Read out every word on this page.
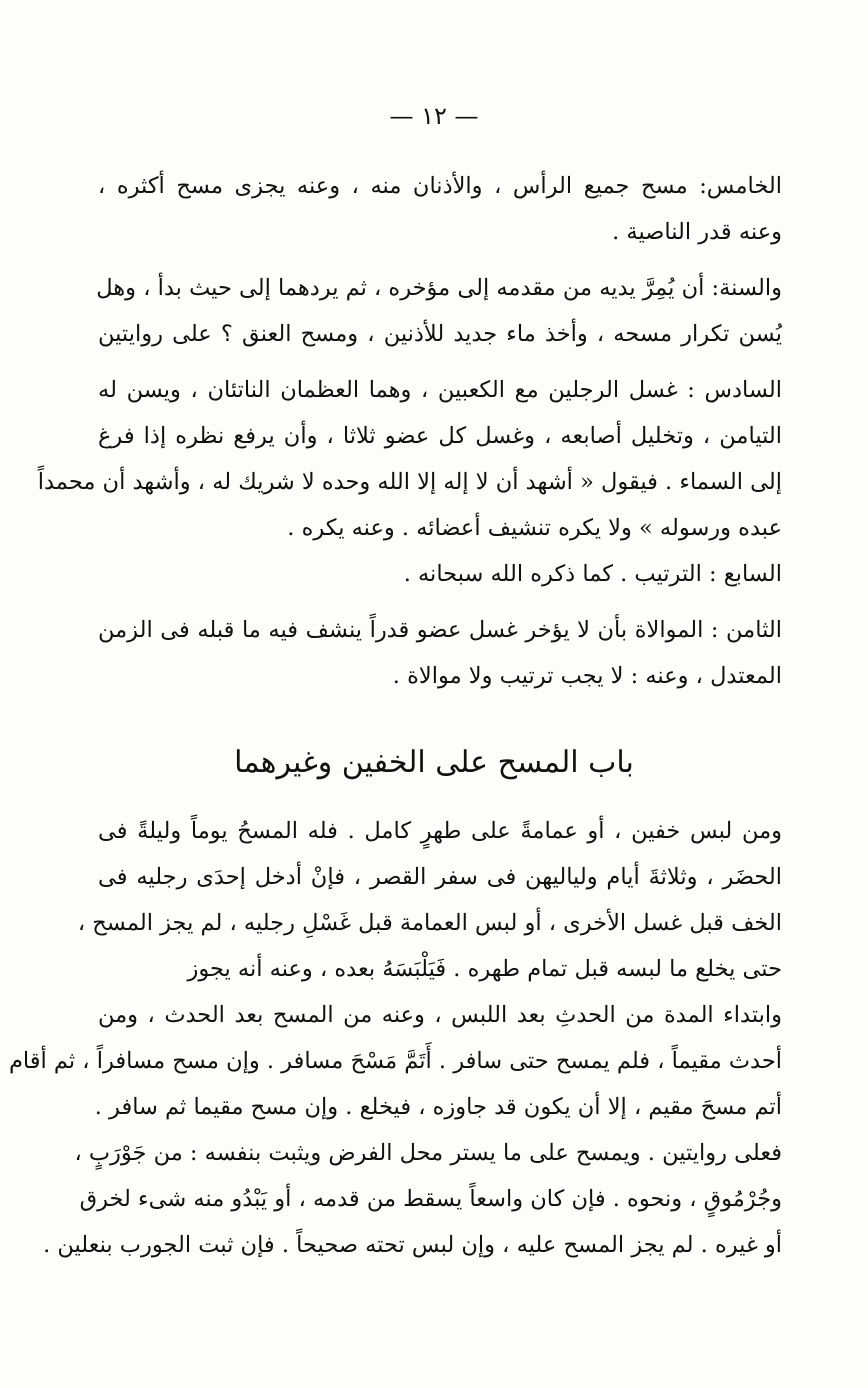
— ١٢ —
الخامس: مسح جميع الرأس ، والأذنان منه ، وعنه يجزى مسح أكثره ،
وعنه قدر الناصية .
والسنة: أن يُمِرَّ يديه من مقدمه إلى مؤخره ، ثم يردهما إلى حيث بدأ ، وهل
يُسن تكرار مسحه ، وأخذ ماء جديد للأذنين ، ومسح العنق ؟ على روايتين
السادس : غسل الرجلين مع الكعبين ، وهما العظمان الناتئان ، ويسن له
التيامن ، وتخليل أصابعه ، وغسل كل عضو ثلاثا ، وأن يرفع نظره إذا فرغ
إلى السماء . فيقول « أشهد أن لا إله إلا الله وحده لا شريك له ، وأشهد أن محمداً
عبده ورسوله » ولا يكره تنشيف أعضائه . وعنه يكره .
السابع : الترتيب . كما ذكره الله سبحانه .
الثامن : الموالاة بأن لا يؤخر غسل عضو قدراً ينشف فيه ما قبله فى الزمن
المعتدل ، وعنه : لا يجب ترتيب ولا موالاة .
باب المسح على الخفين وغيرهما
ومن لبس خفين ، أو عمامةً على طهرٍ كامل . فله المسحُ يوماً وليلةً فى
الحضَر ، وثلاثةَ أيام ولياليهن فى سفر القصر ، فإنْ أدخل إحدَى رجليه فى
الخف قبل غسل الأخرى ، أو لبس العمامة قبل غَسْلِ رجليه ، لم يجز المسح ،
حتى يخلع ما لبسه قبل تمام طهره . فَيَلْبَسَهُ بعده ، وعنه أنه يجوز
وابتداء المدة من الحدثِ بعد اللبس ، وعنه من المسح بعد الحدث ، ومن
أحدث مقيماً ، فلم يمسح حتى سافر . أَتَمَّ مَسْحَ مسافر . وإن مسح مسافراً ، ثم أقام
أتم مسحَ مقيم ، إلا أن يكون قد جاوزه ، فيخلع . وإن مسح مقيما ثم سافر .
فعلى روايتين . ويمسح على ما يستر محل الفرض ويثبت بنفسه : من جَوْرَبٍ ،
وجُرْمُوقٍ ، ونحوه . فإن كان واسعاً يسقط من قدمه ، أو يَبْدُو منه شىء لخرق
أو غيره . لم يجز المسح عليه ، وإن لبس تحته صحيحاً . فإن ثبت الجورب بنعلين .
